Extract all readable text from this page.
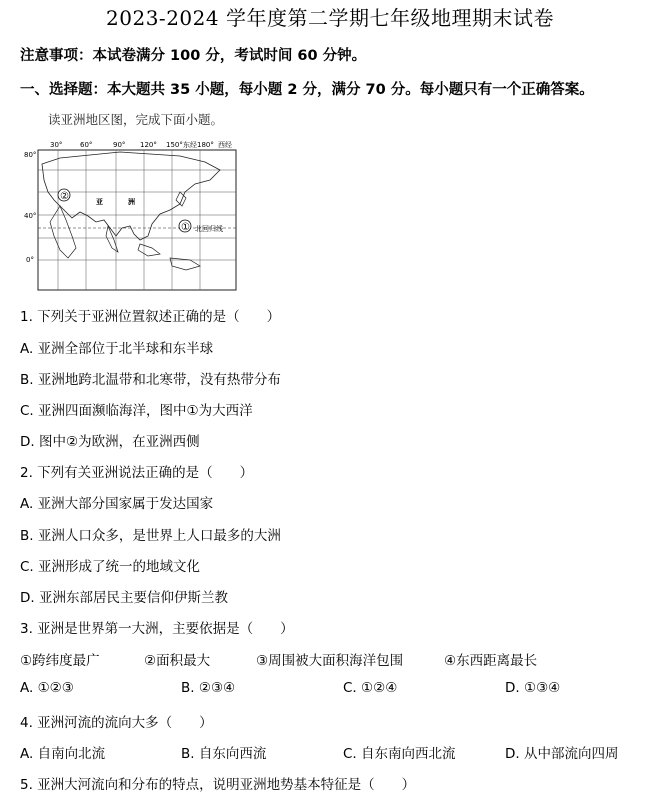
2023-2024 学年度第二学期七年级地理期末试卷
注意事项：本试卷满分 100 分，考试时间 60 分钟。
一、选择题：本大题共 35 小题，每小题 2 分，满分 70 分。每小题只有一个正确答案。
读亚洲地区图，完成下面小题。
30°	60°	90° 120° 150° 东经180° 西经
80°
40°
0°
②	亚	洲
① 北回归线
1. 下列关于亚洲位置叙述正确的是（　　）
A. 亚洲全部位于北半球和东半球
B. 亚洲地跨北温带和北寒带，没有热带分布
C. 亚洲四面濒临海洋，图中①为大西洋
D. 图中②为欧洲，在亚洲西侧
2. 下列有关亚洲说法正确的是（　　）
A. 亚洲大部分国家属于发达国家
B. 亚洲人口众多，是世界上人口最多的大洲
C. 亚洲形成了统一的地域文化
D. 亚洲东部居民主要信仰伊斯兰教
3. 亚洲是世界第一大洲，主要依据是（　　）
①跨纬度最广	②面积最大	③周围被大面积海洋包围	④东西距离最长
A. ①②③	B. ②③④	C. ①②④	D. ①③④
4. 亚洲河流的流向大多（　　）
A. 自南向北流	B. 自东向西流	C. 自东南向西北流	D. 从中部流向四周
5. 亚洲大河流向和分布的特点，说明亚洲地势基本特征是（　　）
